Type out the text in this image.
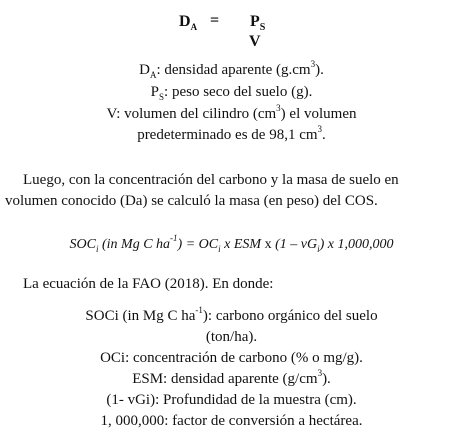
$D_A = P_S$
V
$D_A$: densidad aparente $(g.cm^3)$.
$P_S$: peso seco del suelo (g).
V: volumen del cilindro $(cm^3)$ el volumen
predeterminado es de 98,1 $cm^3$.
Luego, con la concentración del carbono y la masa de suelo en
volumen conocido (Da) se calculó la masa (en peso) del COS.
$SOC_i$ (in Mg C $ha^{-1}) = OC_i$ x ESM x $(1 - vG_i)$ x 1,000,000
La ecuación de la FAO (2018). En donde:
SOCi (in Mg C $ha^{-1}$): carbono orgánico del suelo
(ton/ha).
OCi: concentración de carbono (% o mg/g).
ESM: densidad aparente $(g/cm^3)$.
(1- vGi): Profundidad de la muestra (cm).
1, 000,000: factor de conversión a hectárea.
